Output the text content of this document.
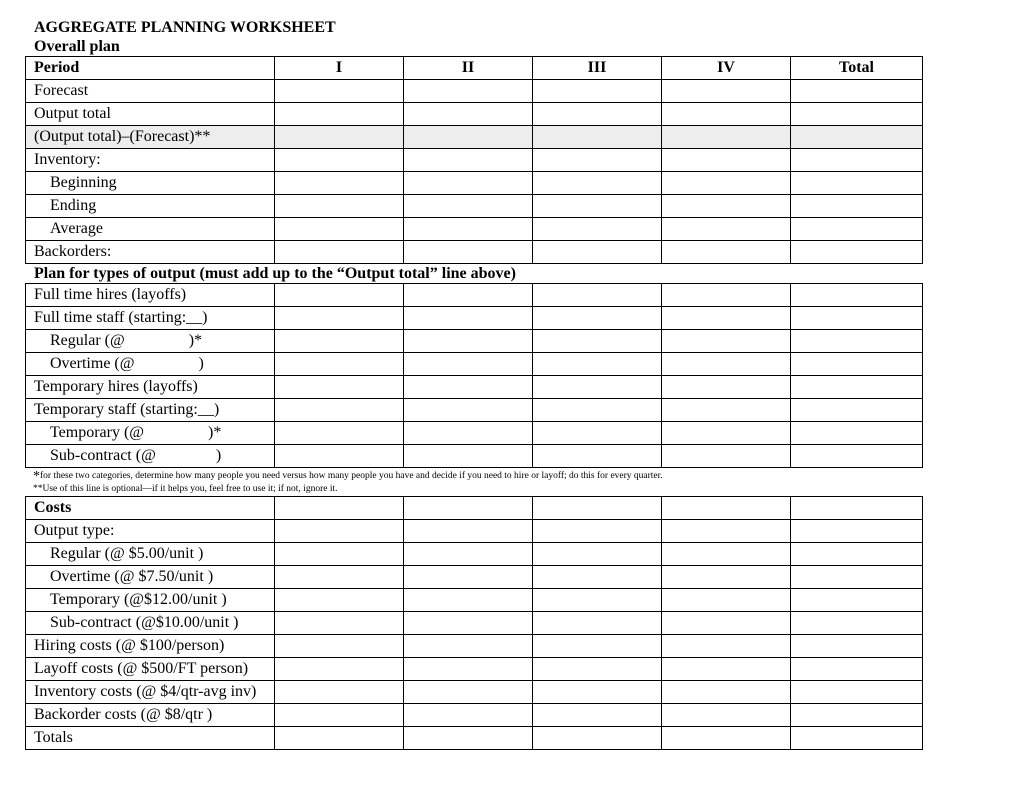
AGGREGATE PLANNING WORKSHEET
Overall plan
Period	I	II	III	IV	Total
Forecast					
Output total					
(Output total)–(Forecast)**					
Inventory:					
Beginning					
Ending					
Average					
Backorders:					
Plan for types of output (must add up to the “Output total” line above)
Full time hires (layoffs)					
Full time staff (starting:__)					
Regular (@ )*					
Overtime (@ )					
Temporary hires (layoffs)					
Temporary staff (starting:__)					
Temporary (@ )*					
Sub-contract (@ )					
*for these two categories, determine how many people you need versus how many people you have and decide if you need to hire or layoff; do this for every quarter.
**Use of this line is optional—if it helps you, feel free to use it; if not, ignore it.
Costs					
Output type:					
Regular (@ $5.00/unit )					
Overtime (@ $7.50/unit )					
Temporary (@$12.00/unit )					
Sub-contract (@$10.00/unit )					
Hiring costs (@ $100/person)					
Layoff costs (@ $500/FT person)					
Inventory costs (@ $4/qtr-avg inv)					
Backorder costs (@ $8/qtr )					
Totals					
